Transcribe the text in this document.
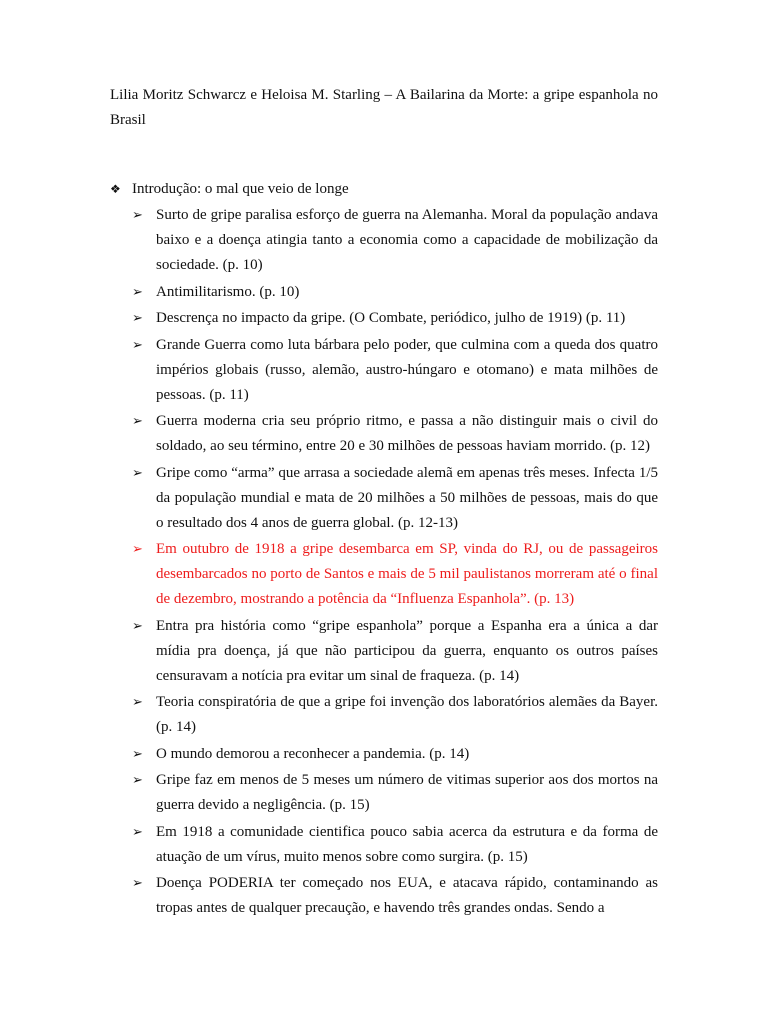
Lilia Moritz Schwarcz e Heloisa M. Starling – A Bailarina da Morte: a gripe espanhola no Brasil

❖ Introdução: o mal que veio de longe

➢ Surto de gripe paralisa esforço de guerra na Alemanha. Moral da população andava baixo e a doença atingia tanto a economia como a capacidade de mobilização da sociedade. (p. 10)
➢ Antimilitarismo. (p. 10)
➢ Descrença no impacto da gripe. (O Combate, periódico, julho de 1919) (p. 11)
➢ Grande Guerra como luta bárbara pelo poder, que culmina com a queda dos quatro impérios globais (russo, alemão, austro-húngaro e otomano) e mata milhões de pessoas. (p. 11)
➢ Guerra moderna cria seu próprio ritmo, e passa a não distinguir mais o civil do soldado, ao seu término, entre 20 e 30 milhões de pessoas haviam morrido. (p. 12)
➢ Gripe como “arma” que arrasa a sociedade alemã em apenas três meses. Infecta 1/5 da população mundial e mata de 20 milhões a 50 milhões de pessoas, mais do que o resultado dos 4 anos de guerra global. (p. 12-13)
➢ Em outubro de 1918 a gripe desembarca em SP, vinda do RJ, ou de passageiros desembarcados no porto de Santos e mais de 5 mil paulistanos morreram até o final de dezembro, mostrando a potência da “Influenza Espanhola”. (p. 13)
➢ Entra pra história como “gripe espanhola” porque a Espanha era a única a dar mídia pra doença, já que não participou da guerra, enquanto os outros países censuravam a notícia pra evitar um sinal de fraqueza. (p. 14)
➢ Teoria conspiratória de que a gripe foi invenção dos laboratórios alemães da Bayer. (p. 14)
➢ O mundo demorou a reconhecer a pandemia. (p. 14)
➢ Gripe faz em menos de 5 meses um número de vitimas superior aos dos mortos na guerra devido a negligência. (p. 15)
➢ Em 1918 a comunidade cientifica pouco sabia acerca da estrutura e da forma de atuação de um vírus, muito menos sobre como surgira. (p. 15)
➢ Doença PODERIA ter começado nos EUA, e atacava rápido, contaminando as tropas antes de qualquer precaução, e havendo três grandes ondas. Sendo a
